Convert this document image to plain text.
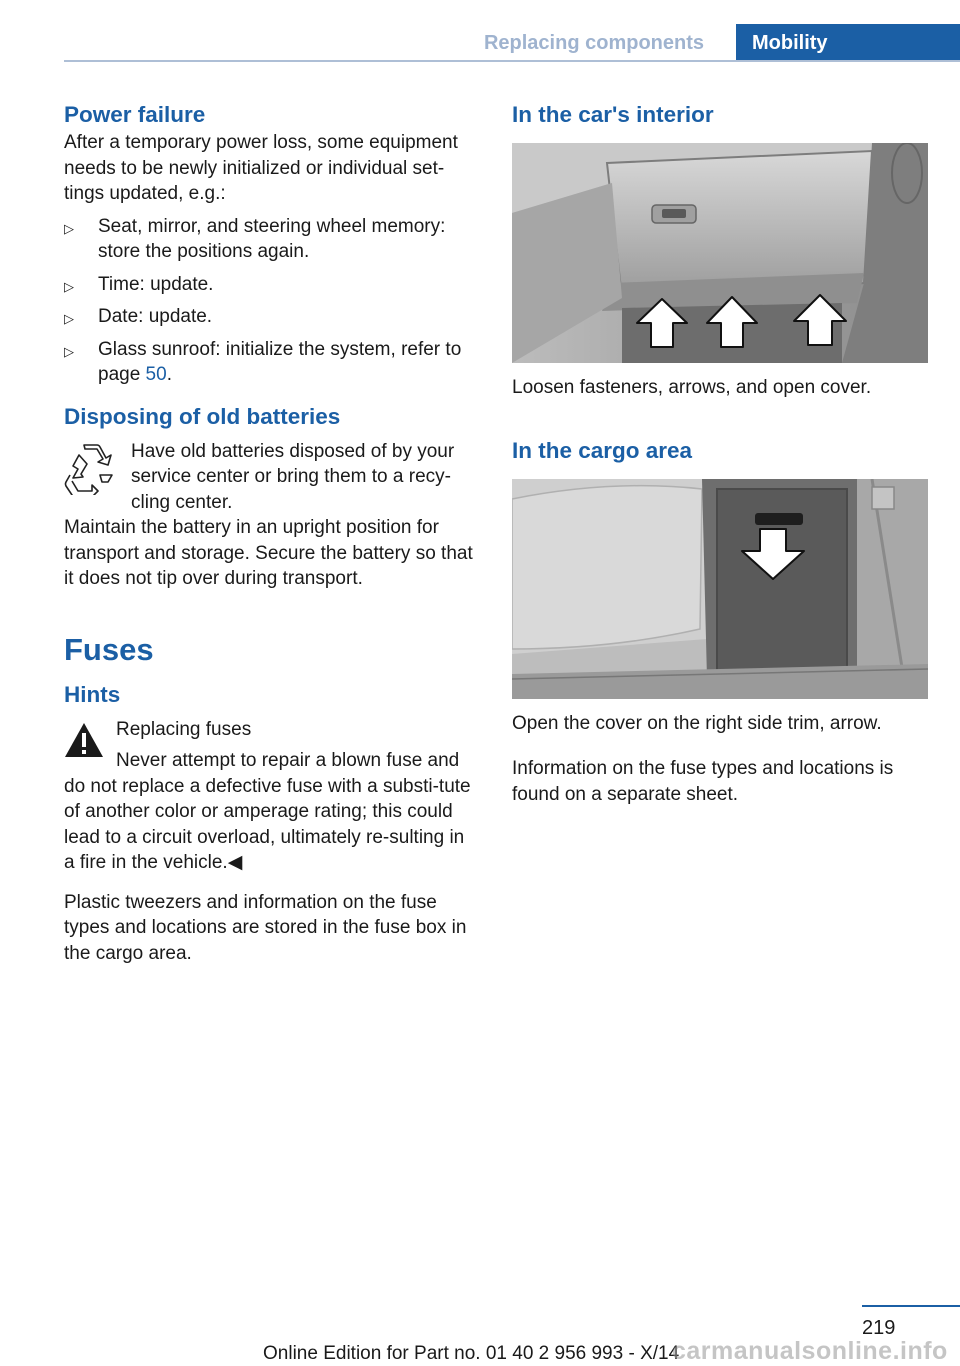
Replacing components	Mobility
Power failure

After a temporary power loss, some equipment needs to be newly initialized or individual set‐tings updated, e.g.:

▷ Seat, mirror, and steering wheel memory: store the positions again.
▷ Time: update.
▷ Date: update.
▷ Glass sunroof: initialize the system, refer to page 50.
Disposing of old batteries

Have old batteries disposed of by your service center or bring them to a recy‐cling center.

Maintain the battery in an upright position for transport and storage. Secure the battery so that it does not tip over during transport.

Fuses
Hints

Replacing fuses

Never attempt to repair a blown fuse and do not replace a defective fuse with a substi‐tute of another color or amperage rating; this could lead to a circuit overload, ultimately re‐sulting in a fire in the vehicle.◀

Plastic tweezers and information on the fuse types and locations are stored in the fuse box in the cargo area.

In the car's interior

Loosen fasteners, arrows, and open cover.

In the cargo area

Open the cover on the right side trim, arrow.

Information on the fuse types and locations is found on a separate sheet.

219
Online Edition for Part no. 01 40 2 956 993 - X/14
carmanualsonline.info
